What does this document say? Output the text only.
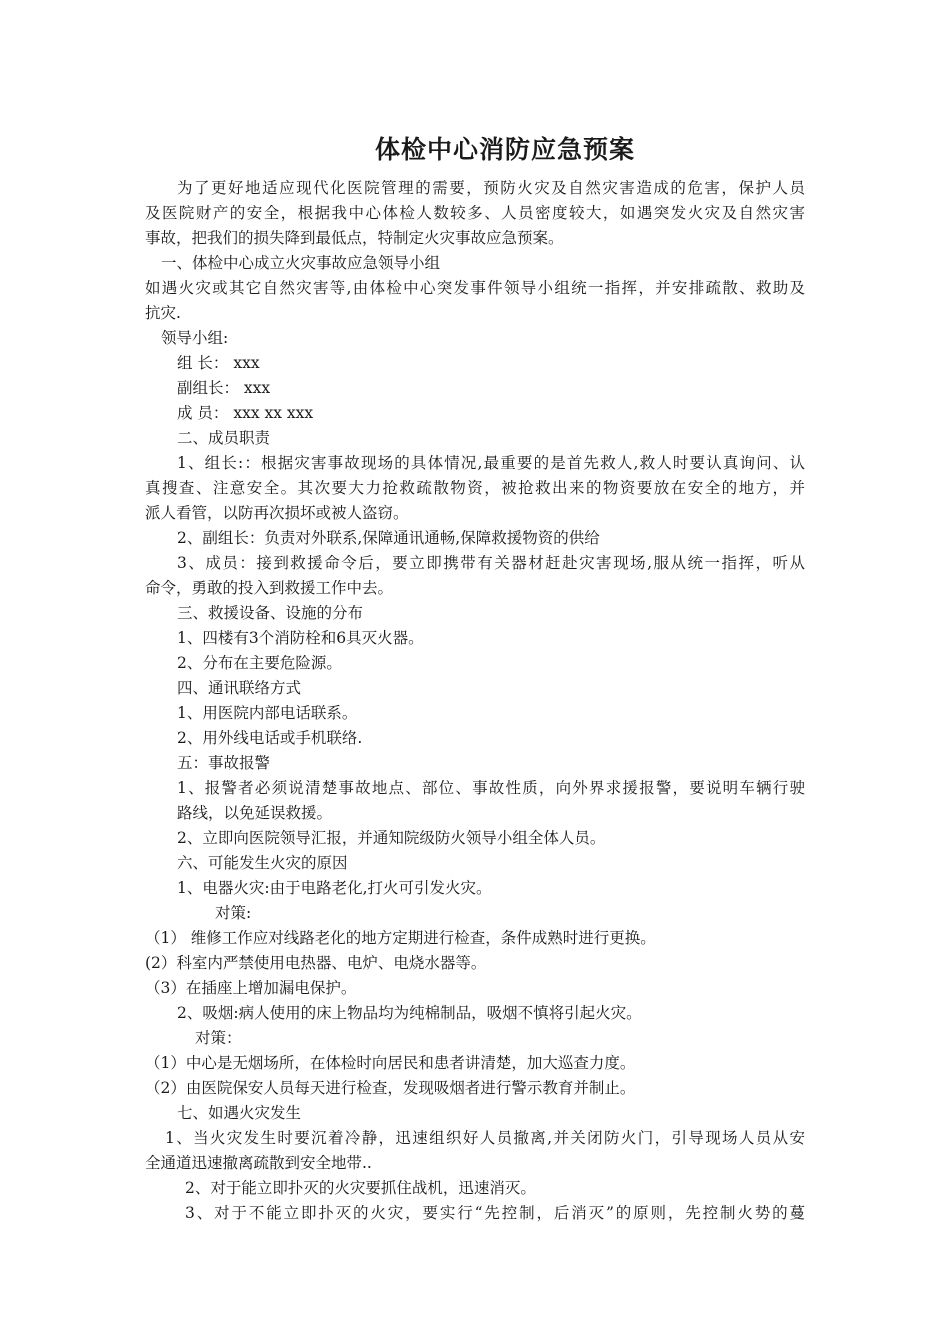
体检中心消防应急预案
为了更好地适应现代化医院管理的需要，预防火灾及自然灾害造成的危害，保护人员
及医院财产的安全，根据我中心体检人数较多、人员密度较大，如遇突发火灾及自然灾害
事故，把我们的损失降到最低点，特制定火灾事故应急预案。
一、体检中心成立火灾事故应急领导小组
如遇火灾或其它自然灾害等,由体检中心突发事件领导小组统一指挥，并安排疏散、救助及
抗灾.
领导小组:
组 长： xxx
副组长： xxx
成 员： xxx xx xxx
二、成员职责
1、组长:：根据灾害事故现场的具体情况,最重要的是首先救人,救人时要认真询问、认
真搜查、注意安全。其次要大力抢救疏散物资，被抢救出来的物资要放在安全的地方，并
派人看管，以防再次损坏或被人盗窃。
2、副组长：负责对外联系,保障通讯通畅,保障救援物资的供给
3、成员：接到救援命令后，要立即携带有关器材赶赴灾害现场,服从统一指挥，听从
命令，勇敢的投入到救援工作中去。
三、救援设备、设施的分布
1、四楼有3个消防栓和6具灭火器。
2、分布在主要危险源。
四、通讯联络方式
1、用医院内部电话联系。
2、用外线电话或手机联络.
五：事故报警
1、报警者必须说清楚事故地点、部位、事故性质，向外界求援报警，要说明车辆行驶
路线，以免延误救援。
2、立即向医院领导汇报，并通知院级防火领导小组全体人员。
六、可能发生火灾的原因
1、电器火灾:由于电路老化,打火可引发火灾。
对策:
（1） 维修工作应对线路老化的地方定期进行检查，条件成熟时进行更换。
(2）科室内严禁使用电热器、电炉、电烧水器等。
（3）在插座上增加漏电保护。
2、吸烟:病人使用的床上物品均为纯棉制品，吸烟不慎将引起火灾。
对策：
（1）中心是无烟场所，在体检时向居民和患者讲清楚，加大巡查力度。
（2）由医院保安人员每天进行检查，发现吸烟者进行警示教育并制止。
七、如遇火灾发生
1、当火灾发生时要沉着冷静，迅速组织好人员撤离,并关闭防火门，引导现场人员从安
全通道迅速撤离疏散到安全地带..
2、对于能立即扑灭的火灾要抓住战机，迅速消灭。
3、对于不能立即扑灭的火灾，要实行“先控制，后消灭”的原则，先控制火势的蔓
